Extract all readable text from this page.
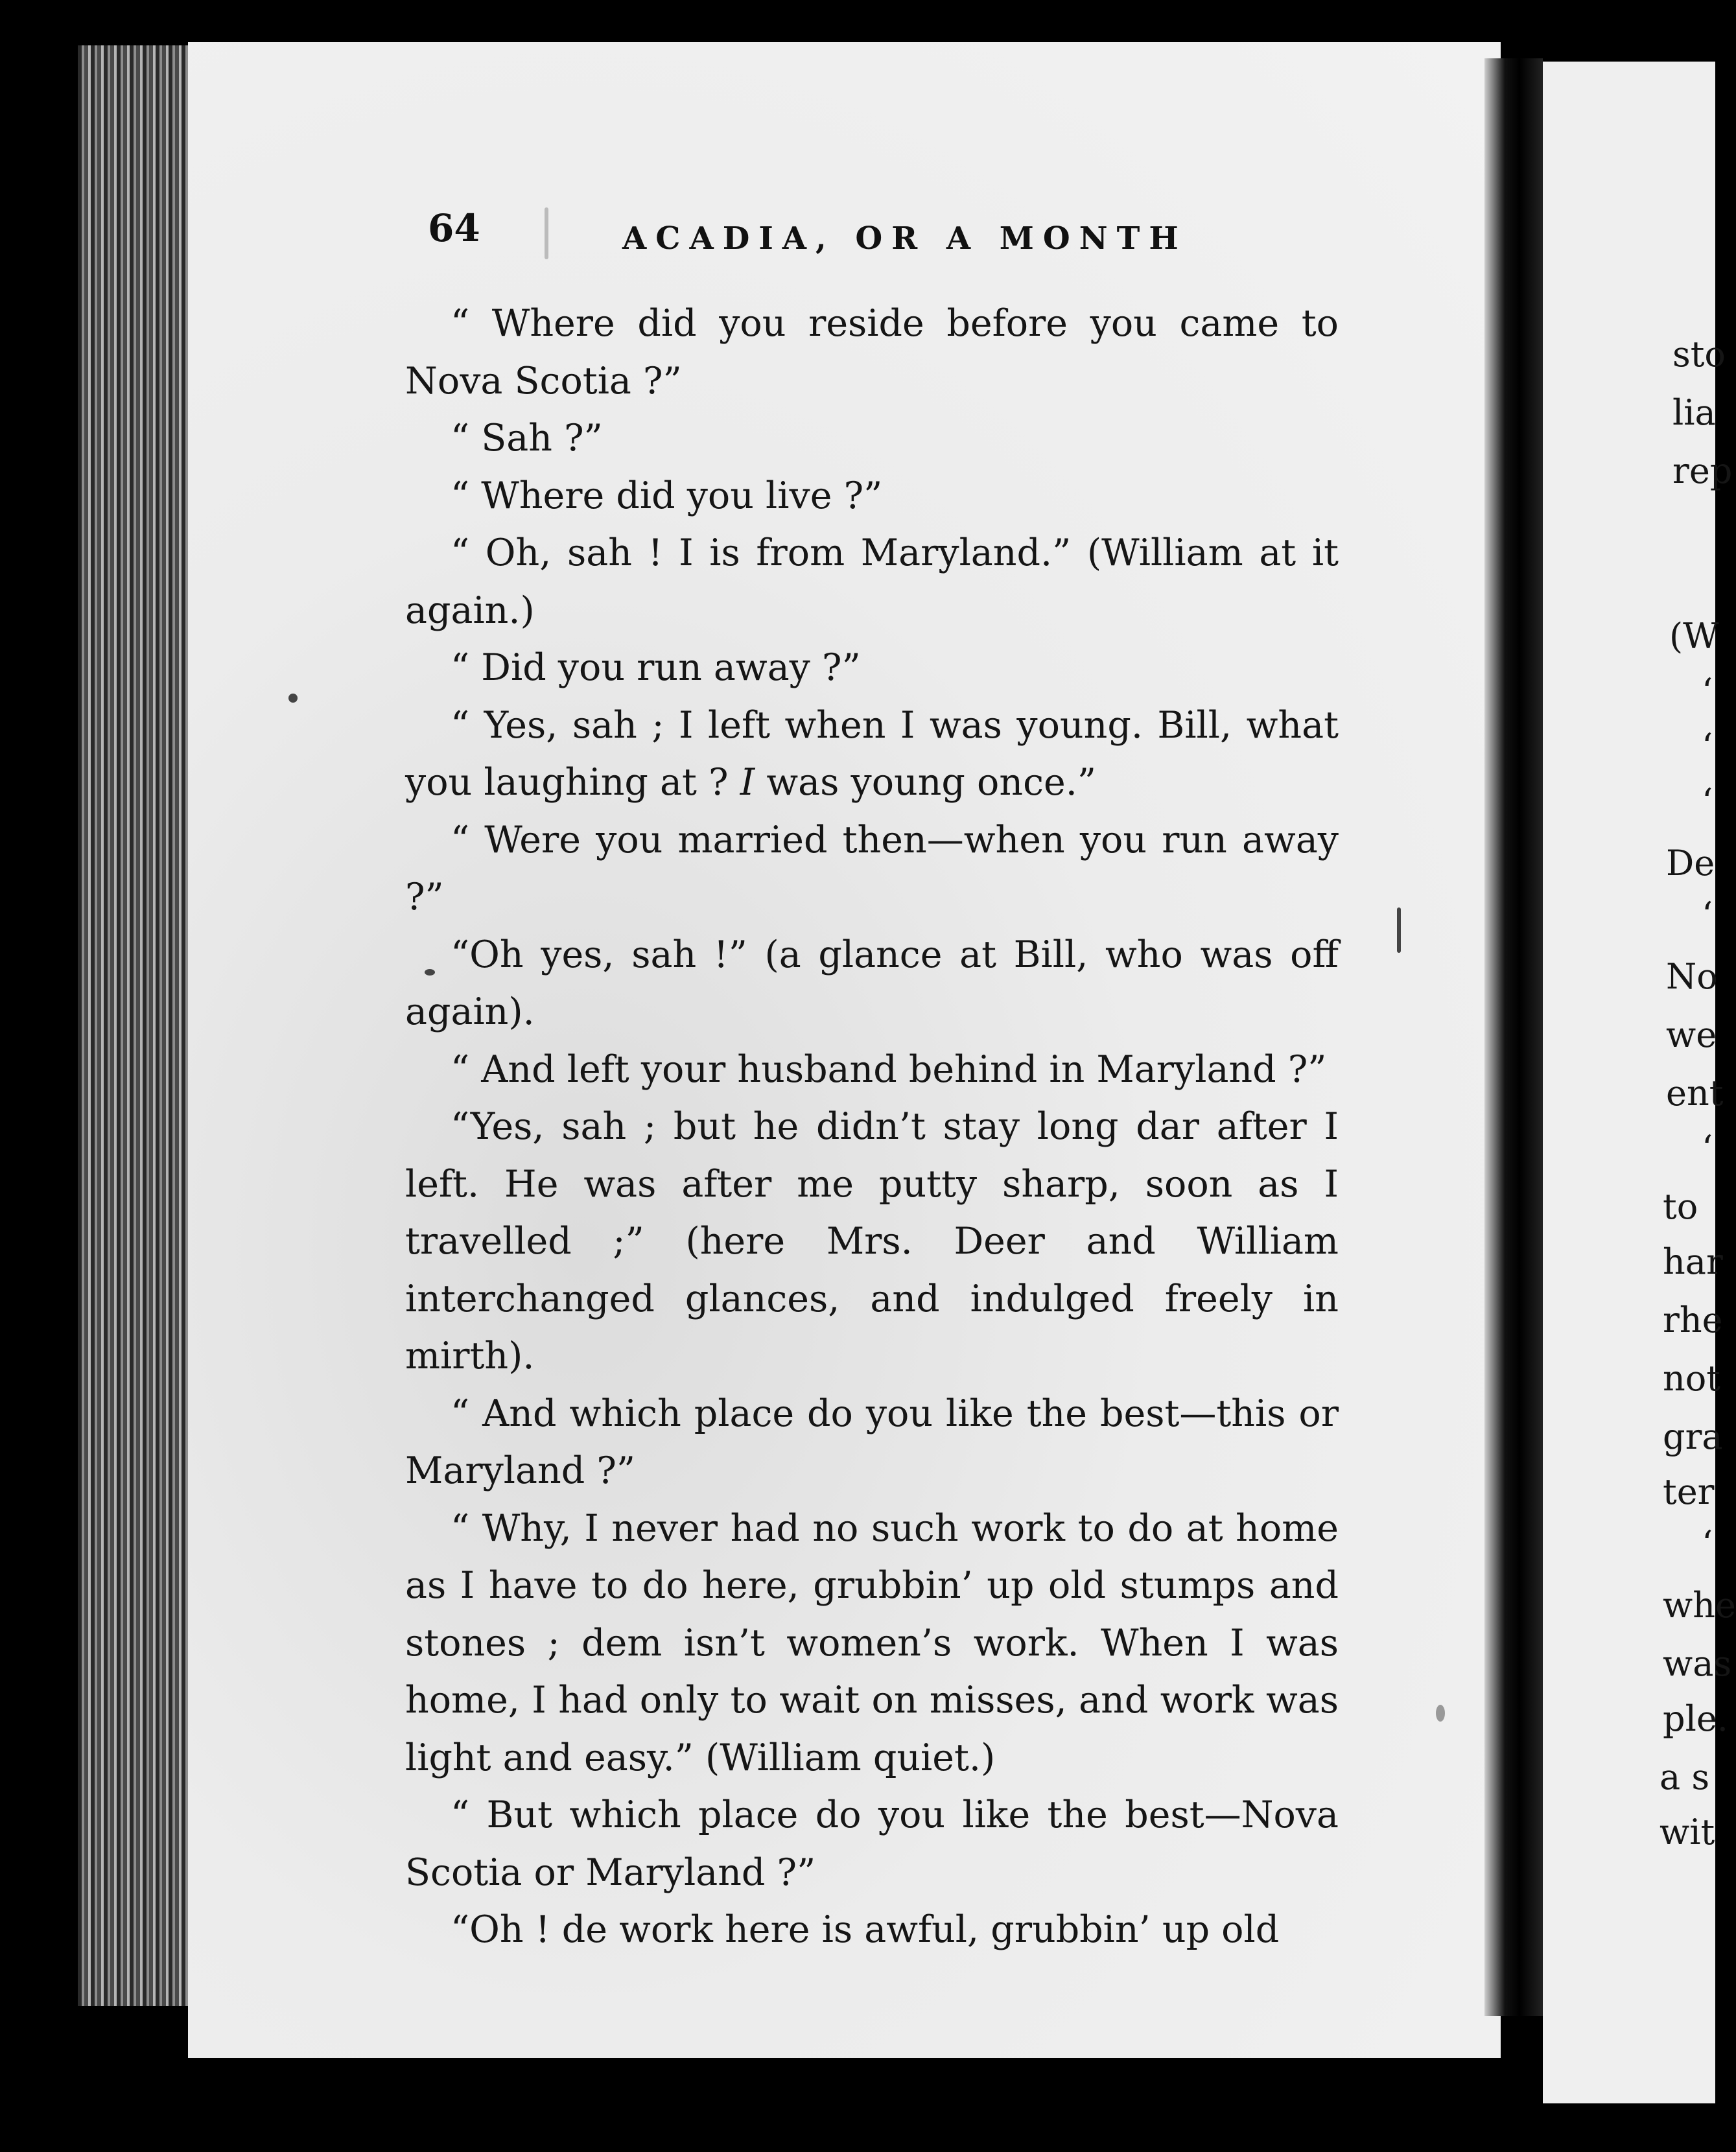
64	ACADIA, OR A MONTH

“ Where did you reside before you came to Nova Scotia ?”

“ Sah ?”

“ Where did you live ?”

“ Oh, sah ! I is from Maryland.” (William at it again.)

“ Did you run away ?”

“ Yes, sah ; I left when I was young. Bill, what you laughing at ? I was young once.”

“ Were you married then—when you run away ?”

“Oh yes, sah !” (a glance at Bill, who was off again).

“ And left your husband behind in Maryland ?”

“Yes, sah ; but he didn’t stay long dar after I left. He was after me putty sharp, soon as I travelled ;” (here Mrs. Deer and William interchanged glances, and indulged freely in mirth).

“ And which place do you like the best—this or Maryland ?”

“ Why, I never had no such work to do at home as I have to do here, grubbin’ up old stumps and stones ; dem isn’t women’s work. When I was home, I had only to wait on misses, and work was light and easy.” (William quiet.)

“ But which place do you like the best—Nova Scotia or Maryland ?”

“Oh ! de work here is awful, grubbin’ up old

sto
lia
rep
(W
‘
‘
‘
De
‘
No
we
ent
‘
to
har
rhe
not
gra
ter
‘
whe
was
ple.
a s
wit
